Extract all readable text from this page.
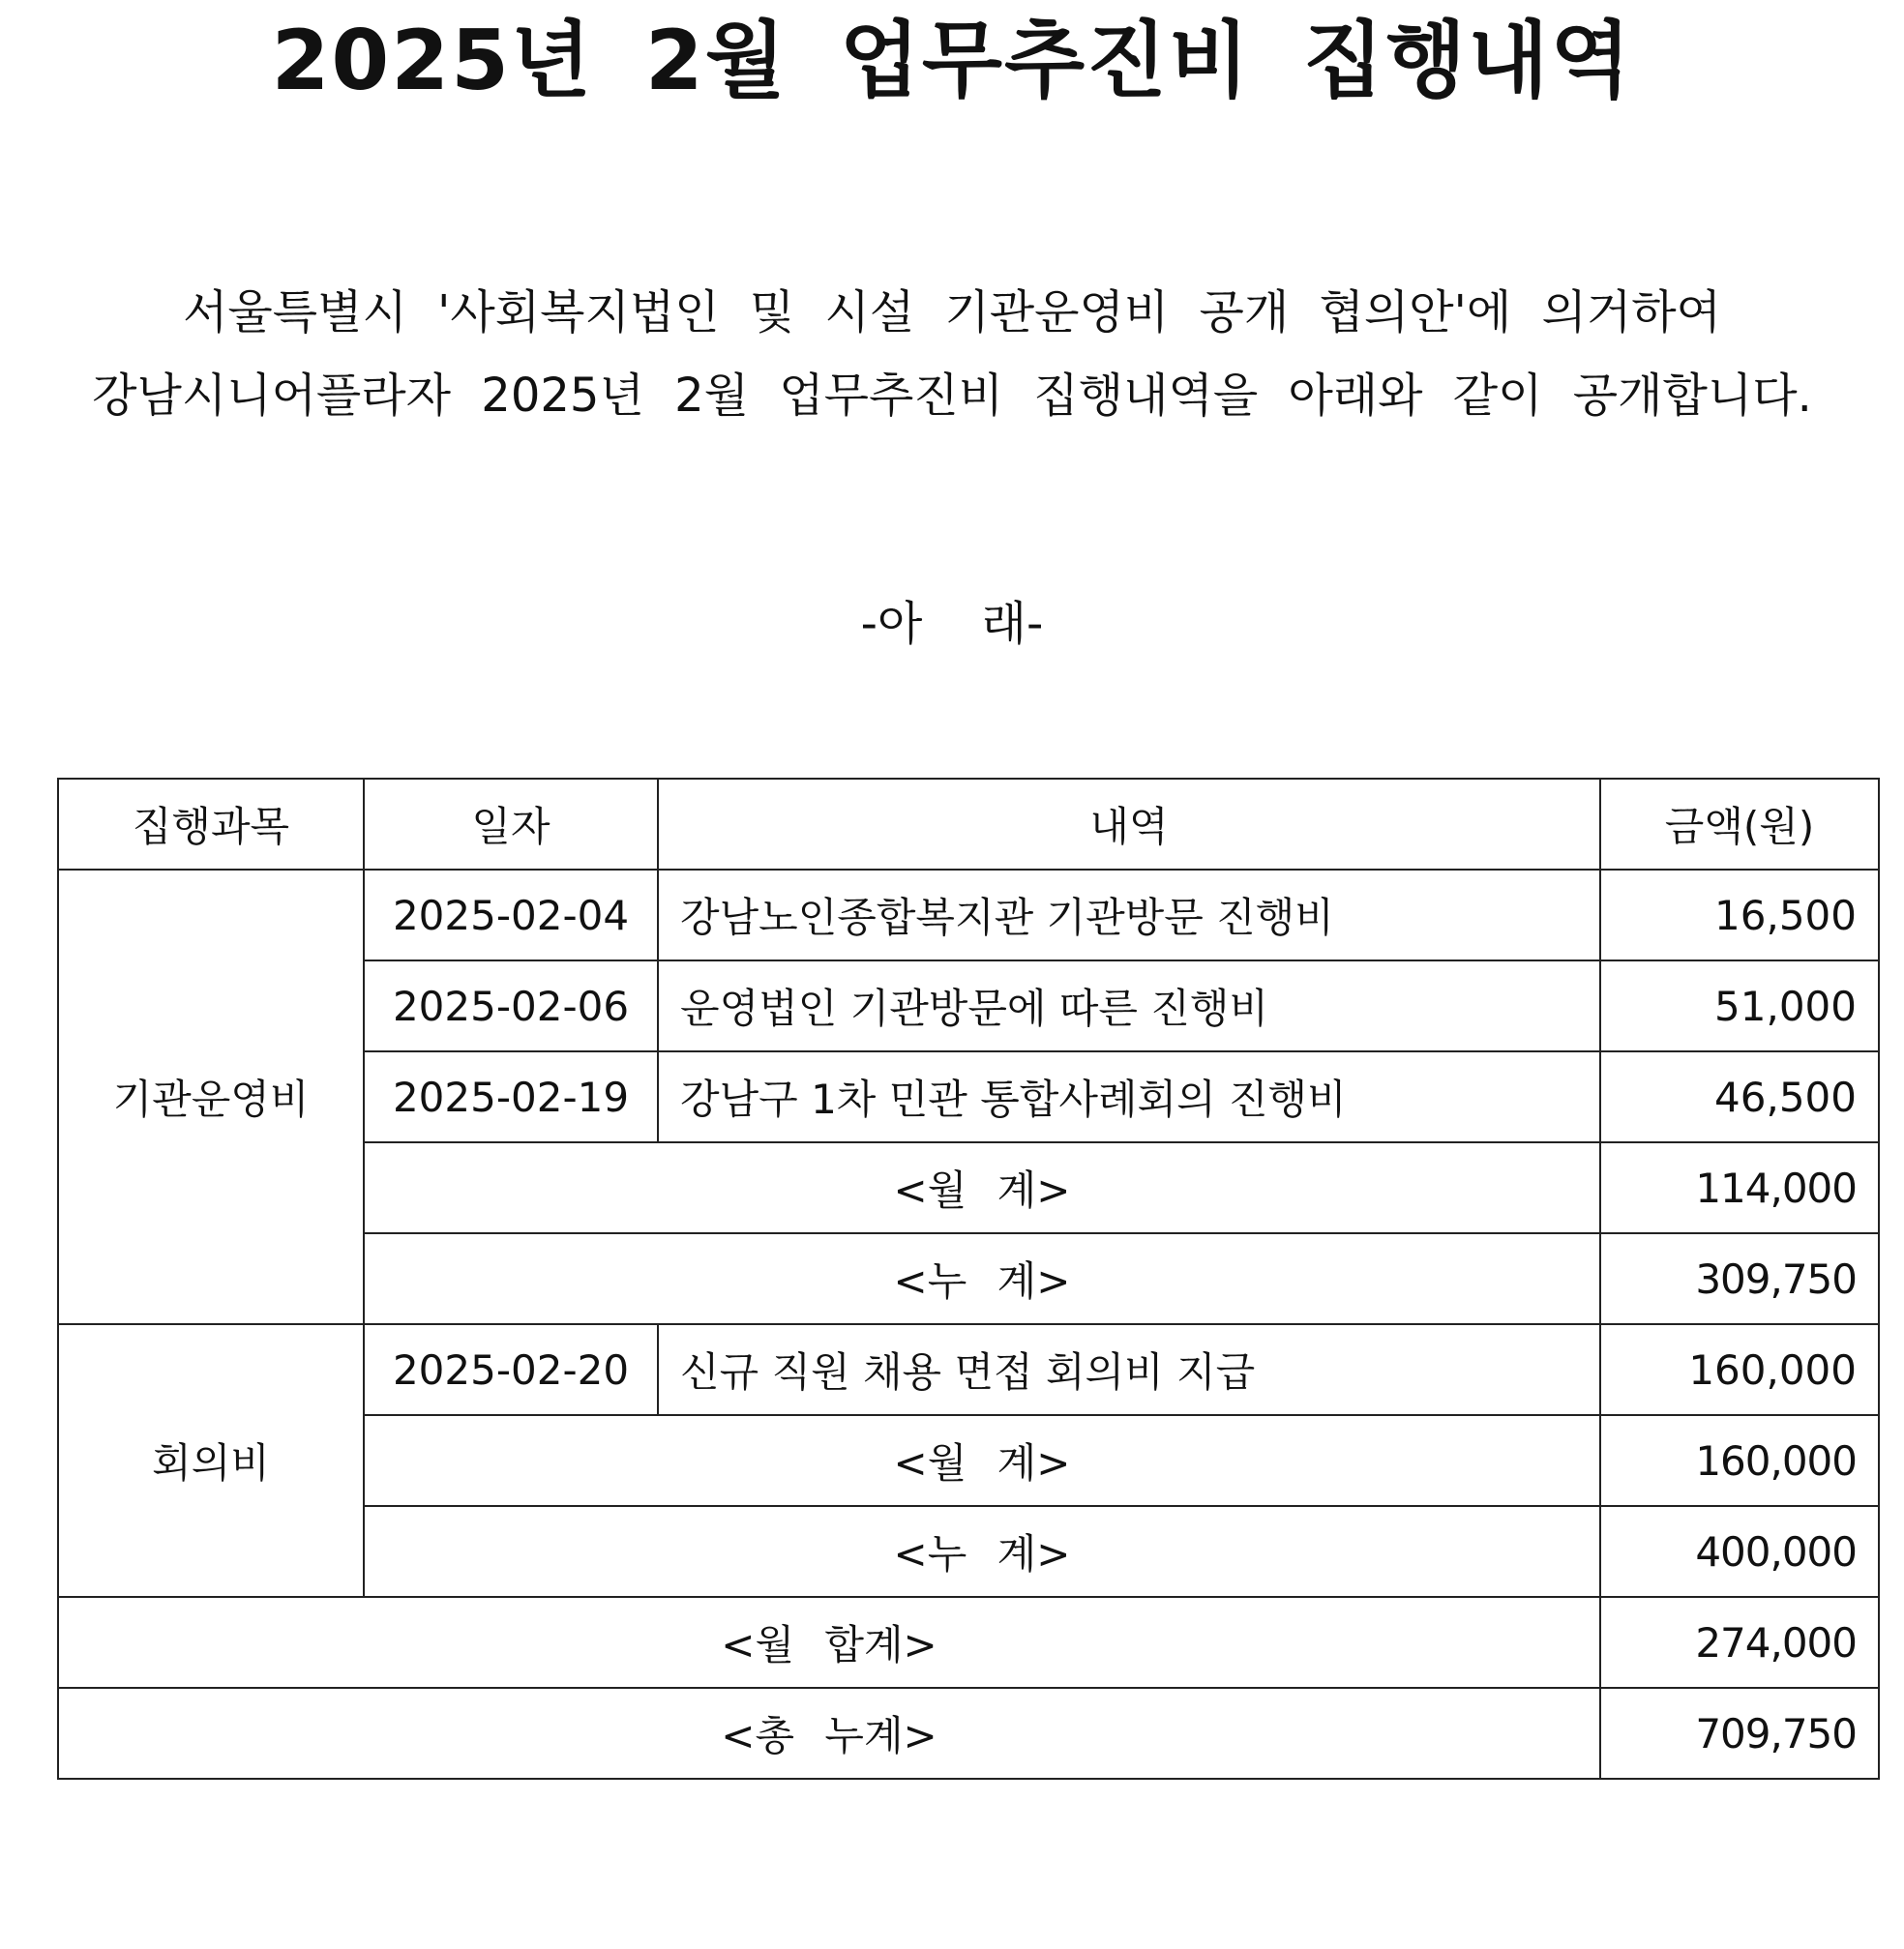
2025년 2월 업무추진비 집행내역
서울특별시 '사회복지법인 및 시설 기관운영비 공개 협의안'에 의거하여
강남시니어플라자 2025년 2월 업무추진비 집행내역을 아래와 같이 공개합니다.
-아 래-
집행과목	일자	내역	금액(원)
기관운영비	2025-02-04	강남노인종합복지관 기관방문 진행비	16,500
	2025-02-06	운영법인 기관방문에 따른 진행비	51,000
	2025-02-19	강남구 1차 민관 통합사례회의 진행비	46,500
	<월 계>		114,000
	<누 계>		309,750
회의비	2025-02-20	신규 직원 채용 면접 회의비 지급	160,000
	<월 계>		160,000
	<누 계>		400,000
<월 합계>			274,000
<총 누계>			709,750
